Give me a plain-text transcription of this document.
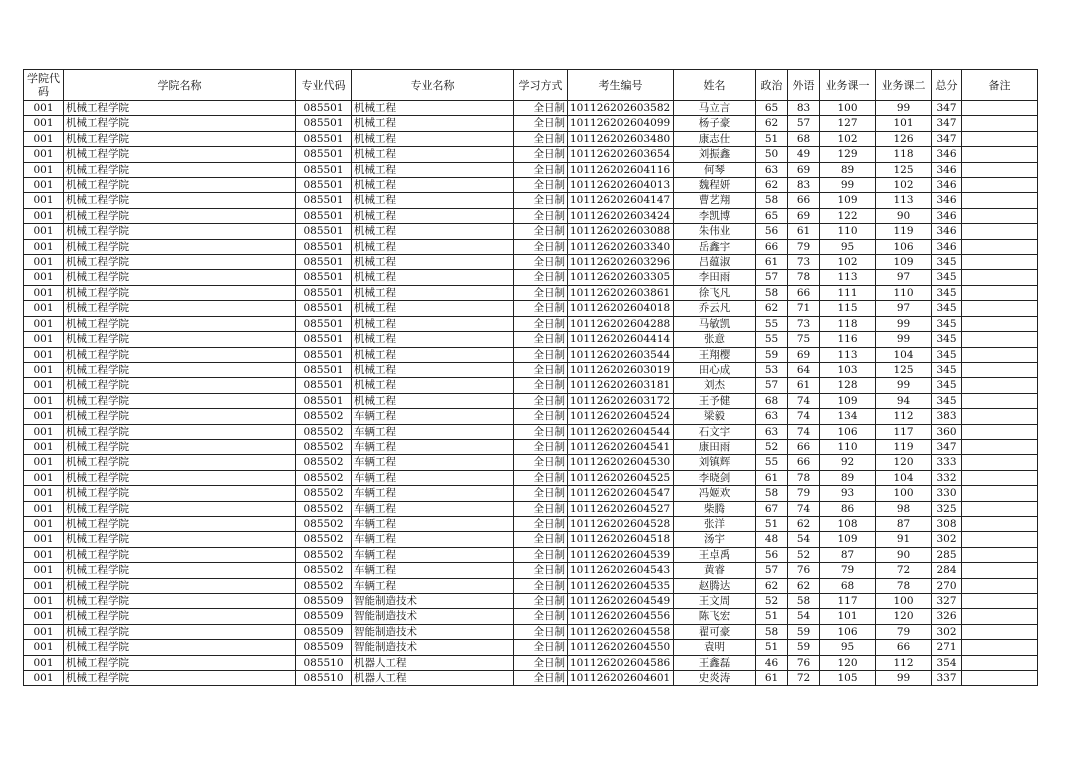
学院代码	学院名称	专业代码	专业名称	学习方式	考生编号	姓名	政治	外语	业务课一	业务课二	总分	备注
001	机械工程学院	085501	机械工程	全日制	101126202603582	马立言	65	83	100	99	347	
001	机械工程学院	085501	机械工程	全日制	101126202604099	杨子豪	62	57	127	101	347	
001	机械工程学院	085501	机械工程	全日制	101126202603480	康志仕	51	68	102	126	347	
001	机械工程学院	085501	机械工程	全日制	101126202603654	刘振鑫	50	49	129	118	346	
001	机械工程学院	085501	机械工程	全日制	101126202604116	何琴	63	69	89	125	346	
001	机械工程学院	085501	机械工程	全日制	101126202604013	魏程妍	62	83	99	102	346	
001	机械工程学院	085501	机械工程	全日制	101126202604147	曹艺翔	58	66	109	113	346	
001	机械工程学院	085501	机械工程	全日制	101126202603424	李凯博	65	69	122	90	346	
001	机械工程学院	085501	机械工程	全日制	101126202603088	朱伟业	56	61	110	119	346	
001	机械工程学院	085501	机械工程	全日制	101126202603340	岳鑫宇	66	79	95	106	346	
001	机械工程学院	085501	机械工程	全日制	101126202603296	吕蕴淑	61	73	102	109	345	
001	机械工程学院	085501	机械工程	全日制	101126202603305	李田雨	57	78	113	97	345	
001	机械工程学院	085501	机械工程	全日制	101126202603861	徐飞凡	58	66	111	110	345	
001	机械工程学院	085501	机械工程	全日制	101126202604018	乔云凡	62	71	115	97	345	
001	机械工程学院	085501	机械工程	全日制	101126202604288	马敏凯	55	73	118	99	345	
001	机械工程学院	085501	机械工程	全日制	101126202604414	张意	55	75	116	99	345	
001	机械工程学院	085501	机械工程	全日制	101126202603544	王翔樱	59	69	113	104	345	
001	机械工程学院	085501	机械工程	全日制	101126202603019	田心成	53	64	103	125	345	
001	机械工程学院	085501	机械工程	全日制	101126202603181	刘杰	57	61	128	99	345	
001	机械工程学院	085501	机械工程	全日制	101126202603172	王予健	68	74	109	94	345	
001	机械工程学院	085502	车辆工程	全日制	101126202604524	梁毅	63	74	134	112	383	
001	机械工程学院	085502	车辆工程	全日制	101126202604544	石文宇	63	74	106	117	360	
001	机械工程学院	085502	车辆工程	全日制	101126202604541	康田雨	52	66	110	119	347	
001	机械工程学院	085502	车辆工程	全日制	101126202604530	刘镇辉	55	66	92	120	333	
001	机械工程学院	085502	车辆工程	全日制	101126202604525	李晓剑	61	78	89	104	332	
001	机械工程学院	085502	车辆工程	全日制	101126202604547	冯姬欢	58	79	93	100	330	
001	机械工程学院	085502	车辆工程	全日制	101126202604527	柴腾	67	74	86	98	325	
001	机械工程学院	085502	车辆工程	全日制	101126202604528	张洋	51	62	108	87	308	
001	机械工程学院	085502	车辆工程	全日制	101126202604518	汤宇	48	54	109	91	302	
001	机械工程学院	085502	车辆工程	全日制	101126202604539	王卓禹	56	52	87	90	285	
001	机械工程学院	085502	车辆工程	全日制	101126202604543	黄睿	57	76	79	72	284	
001	机械工程学院	085502	车辆工程	全日制	101126202604535	赵腾达	62	62	68	78	270	
001	机械工程学院	085509	智能制造技术	全日制	101126202604549	王文周	52	58	117	100	327	
001	机械工程学院	085509	智能制造技术	全日制	101126202604556	陈飞宏	51	54	101	120	326	
001	机械工程学院	085509	智能制造技术	全日制	101126202604558	翟可豪	58	59	106	79	302	
001	机械工程学院	085509	智能制造技术	全日制	101126202604550	袁明	51	59	95	66	271	
001	机械工程学院	085510	机器人工程	全日制	101126202604586	王鑫磊	46	76	120	112	354	
001	机械工程学院	085510	机器人工程	全日制	101126202604601	史炎涛	61	72	105	99	337	
